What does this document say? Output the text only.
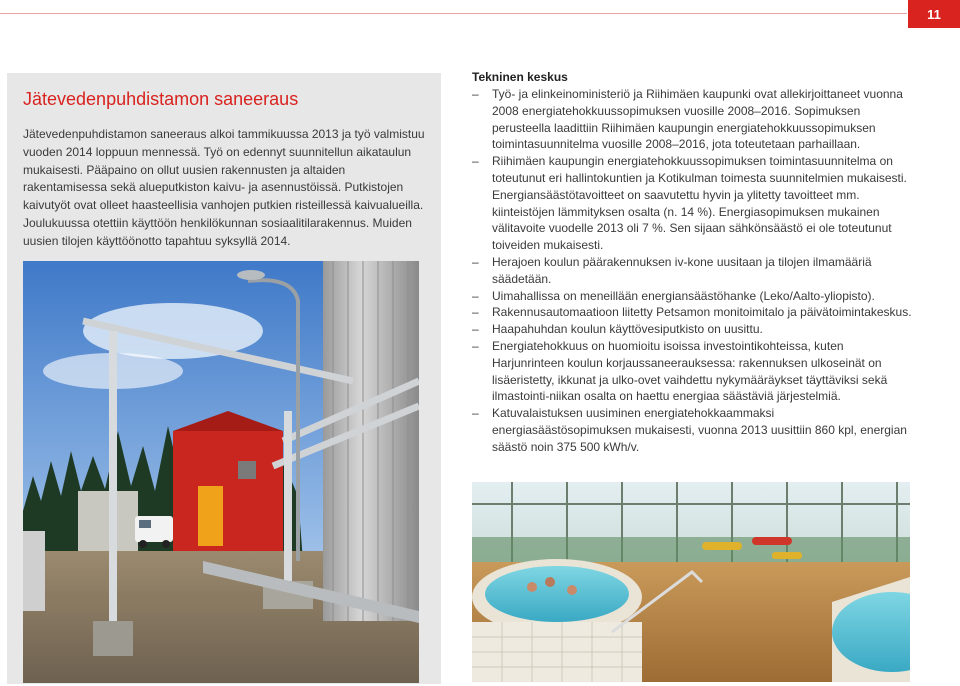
11
Jätevedenpuhdistamon saneeraus

Jätevedenpuhdistamon saneeraus alkoi tammikuussa 2013 ja työ valmistuu vuoden 2014 loppuun mennessä. Työ on edennyt suunnitellun aikataulun mukaisesti. Pääpaino on ollut uusien rakennusten ja altaiden rakentamisessa sekä alueputkiston kaivu- ja asennustöissä. Putkistojen kaivutyöt ovat olleet haasteellisia vanhojen putkien risteillessä kaivualueilla. Joulukuussa otettiin käyttöön henkilökunnan sosiaalitilarakennus. Muiden uusien tilojen käyttöönotto tapahtuu syksyllä 2014.

Tekninen keskus
– Työ- ja elinkeinoministeriö ja Riihimäen kaupunki ovat allekirjoittaneet vuonna 2008 energiatehokkuussopimuksen vuosille 2008–2016. Sopimuksen perusteella laadittiin Riihimäen kaupungin energiatehokkuussopimuksen toimintasuunnitelma vuosille 2008–2016, jota toteutetaan parhaillaan.
– Riihimäen kaupungin energiatehokkuussopimuksen toimintasuunnitelma on toteutunut eri hallintokuntien ja Kotikulman toimesta suunnitelmien mukaisesti. Energiansäästötavoitteet on saavutettu hyvin ja ylitetty tavoitteet mm. kiinteistöjen lämmityksen osalta (n. 14 %). Energiasopimuksen mukainen välitavoite vuodelle 2013 oli 7 %. Sen sijaan sähkönsäästö ei ole toteutunut toiveiden mukaisesti.
– Herajoen koulun päärakennuksen iv-kone uusitaan ja tilojen ilmamääriä säädetään.
– Uimahallissa on meneillään energiansäästöhanke (Leko/Aalto-yliopisto).
– Rakennusautomaatioon liitetty Petsamon monitoimitalo ja päivätoimintakeskus.
– Haapahuhdan koulun käyttövesiputkisto on uusittu.
– Energiatehokkuus on huomioitu isoissa investointikohteissa, kuten Harjunrinteen koulun korjaussaneerauksessa: rakennuksen ulkoseinät on lisäeristetty, ikkunat ja ulko-ovet vaihdettu nykymääräykset täyttäviksi sekä ilmastointi-niikan osalta on haettu energiaa säästäviä järjestelmiä.
– Katuvalaistuksen uusiminen energiatehokkaammaksi energiasäästösopimuksen mukaisesti, vuonna 2013 uusittiin 860 kpl, energian säästö noin 375 500 kWh/v.
